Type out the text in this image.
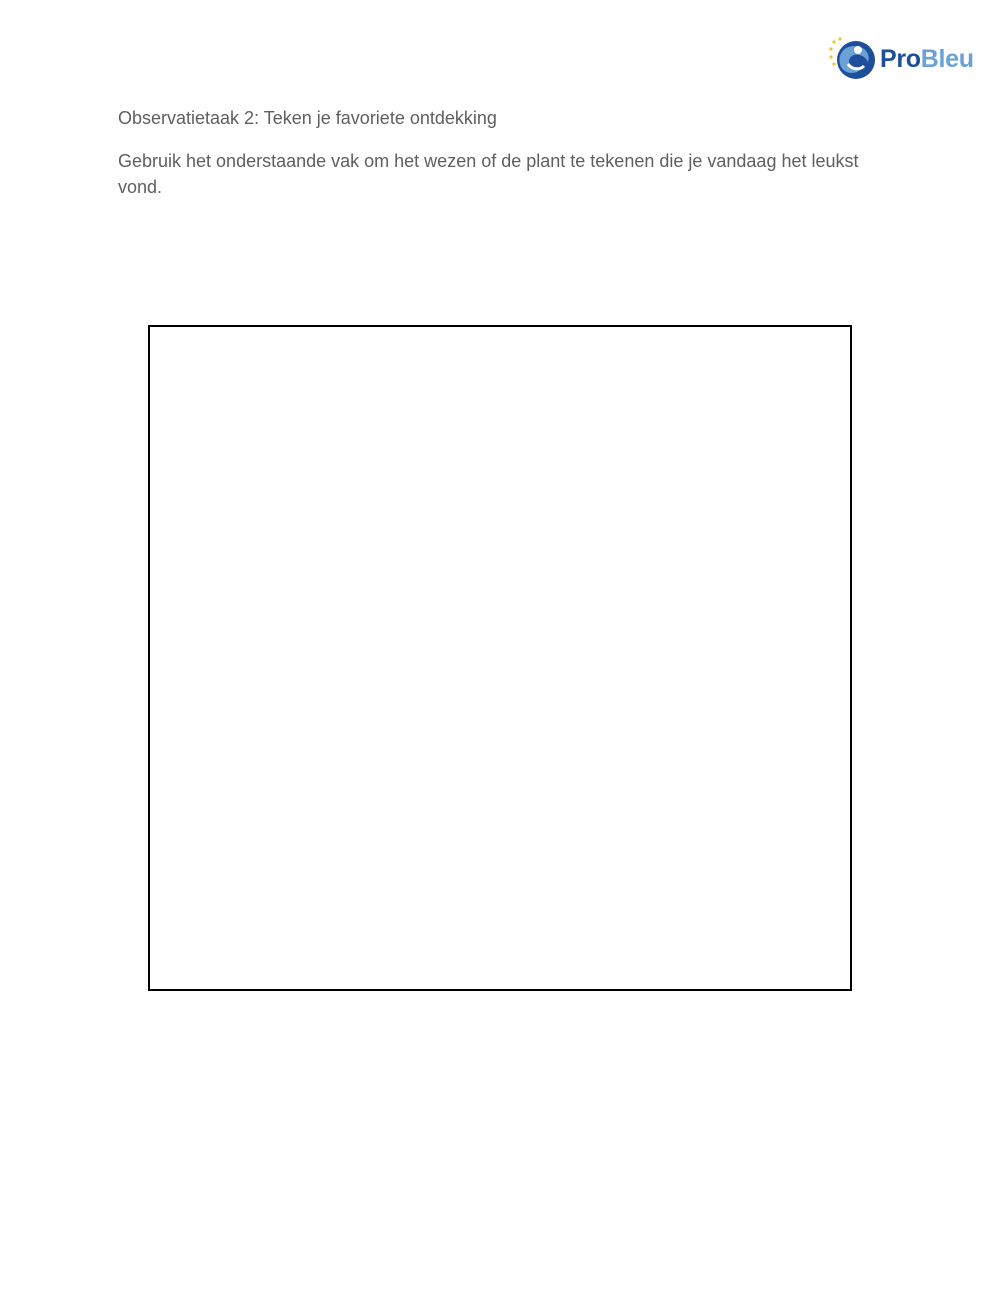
ProBleu

Observatietaak 2: Teken je favoriete ontdekking

Gebruik het onderstaande vak om het wezen of de plant te tekenen die je vandaag het leukst vond.
